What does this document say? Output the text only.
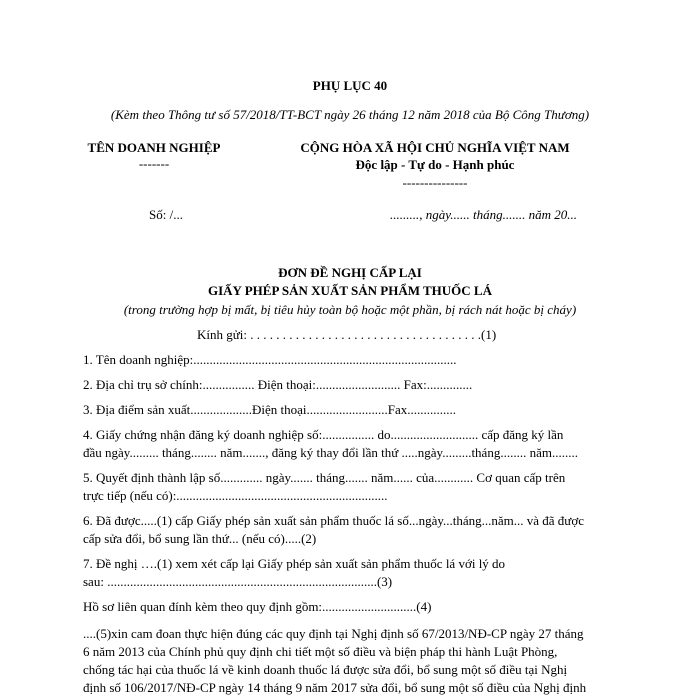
PHỤ LỤC 40
(Kèm theo Thông tư số 57/2018/TT-BCT ngày 26 tháng 12 năm 2018 của Bộ Công Thương)
TÊN DOANH NGHIỆP
-------
Số: /...
CỘNG HÒA XÃ HỘI CHỦ NGHĨA VIỆT NAM
Độc lập - Tự do - Hạnh phúc
---------------
........., ngày...... tháng....... năm 20...
ĐƠN ĐỀ NGHỊ CẤP LẠI
GIẤY PHÉP SẢN XUẤT SẢN PHẨM THUỐC LÁ
(trong trường hợp bị mất, bị tiêu hủy toàn bộ hoặc một phần, bị rách nát hoặc bị cháy)
Kính gửi: . . . . . . . . . . . . . . . . . . . . . . . . . . . . . . . . . . . .(1)
1. Tên doanh nghiệp:.................................................................................
2. Địa chỉ trụ sở chính:................ Điện thoại:.......................... Fax:..............
3. Địa điểm sản xuất...................Điện thoại.........................Fax...............
4. Giấy chứng nhận đăng ký doanh nghiệp số:................ do........................... cấp đăng ký lần
đầu ngày......... tháng........ năm......., đăng ký thay đổi lần thứ .....ngày.........tháng........ năm........
5. Quyết định thành lập số............. ngày....... tháng....... năm...... của............ Cơ quan cấp trên
trực tiếp (nếu có):.................................................................
6. Đã được.....(1) cấp Giấy phép sản xuất sản phẩm thuốc lá số...ngày...tháng...năm... và đã được
cấp sửa đổi, bổ sung lần thứ... (nếu có).....(2)
7. Đề nghị ….(1) xem xét cấp lại Giấy phép sản xuất sản phẩm thuốc lá với lý do
sau: ...................................................................................(3)
Hồ sơ liên quan đính kèm theo quy định gồm:.............................(4)
....(5)xin cam đoan thực hiện đúng các quy định tại Nghị định số 67/2013/NĐ-CP ngày 27 tháng
6 năm 2013 của Chính phủ quy định chi tiết một số điều và biện pháp thi hành Luật Phòng,
chống tác hại của thuốc lá về kinh doanh thuốc lá được sửa đổi, bổ sung một số điều tại Nghị
định số 106/2017/NĐ-CP ngày 14 tháng 9 năm 2017 sửa đổi, bổ sung một số điều của Nghị định
